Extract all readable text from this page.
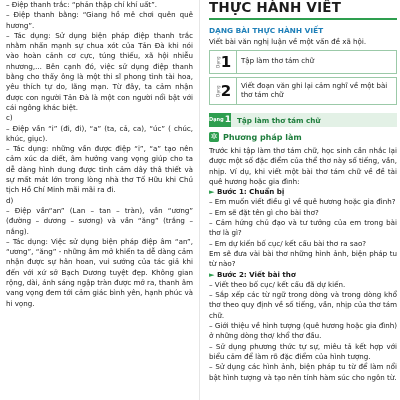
– Điệp thanh trắc: “phản thập chí khí uất”.

– Điệp thanh bằng: “Giang hồ mê chơi quên quê hương”.

– Tác dụng: Sử dụng biện pháp điệp thanh trắc nhằm nhấn mạnh sự chua xót của Tản Đà khi nói vào hoàn cảnh cơ cực, túng thiếu, xã hội nhiễu nhương,... Bên cạnh đó, việc sử dụng điệp thanh bằng cho thấy ông là một thi sĩ phong tình tài hoa, yêu thích tự do, lãng mạn. Từ đây, ta cảm nhận được con người Tản Đà là một con người nổi bật với cái ngông khác biệt.

c)

– Điệp vần “i” (đi, đi), “a” (ta, cả, ca), “úc” ( chúc, khúc, giục).

– Tác dụng: những vần được điệp “i”, “a” tạo nên cảm xúc da diết, âm hưởng vang vọng giúp cho ta dễ dàng hình dung được tình cảm dây thâ thiết và sự mất mát lớn trong lòng nhà thơ Tố Hữu khi Chủ tịch Hồ Chí Minh mãi mãi ra đi.

d)

– Điệp vần“an” (Lan – tan – tràn), vần “ương” (đường – dương – sương) và vần “ăng” (trắng – nắng).

– Tác dụng: Việc sử dụng biện pháp điệp âm “an”, “ương”, “ăng” - những âm mở khiến ta dễ dàng cảm nhận được sự hân hoan, vui sướng của tác giả khi đến với xứ sở Bạch Dương tuyệt đẹp. Không gian rộng, dài, ánh sáng ngập tràn được mở ra, thanh âm vang vọng đem tới cảm giác bình yên, hạnh phúc và hi vọng.

THỰC HÀNH VIẾT
DẠNG BÀI THỰC HÀNH VIẾT
Viết bài văn nghị luận về một vấn đề xã hội.
Dạng 1	Tập làm thơ tám chữ
Dạng 2	Viết đoạn văn ghi lại cảm nghĩ về một bài thơ tám chữ
Dạng 1 Tập làm thơ tám chữ
✲ Phương pháp làm

Trước khi tập làm thơ tám chữ, học sinh cần nhắc lại được một số đặc điểm của thể thơ này số tiếng, vần, nhịp. Ví dụ, khi viết một bài thơ tám chữ về đề tài quê hương hoặc gia đình:

► Bước 1: Chuẩn bị

– Em muốn viết điều gì về quê hương hoặc gia đình?

– Em sẽ đặt tên gì cho bài thơ?

– Cảm hứng chủ đạo và tư tưởng của em trong bài thơ là gì?

– Em dự kiến bố cục/ kết cấu bài thơ ra sao?

Em sẽ đưa vài bài thơ những hình ảnh, biện pháp tu từ nào?

► Bước 2: Viết bài thơ

– Viết theo bố cục/ kết cấu đã dự kiến.

– Sắp xếp các từ ngữ trong dòng và trong dòng khổ thơ theo quy định về số tiếng, vần, nhịp của thơ tám chữ.

– Giới thiệu về hình tượng (quê hương hoặc gia đình) ở những dòng thơ/ khổ thơ đầu.

– Sử dụng phương thức tự sự, miêu tả kết hợp với biểu cảm để làm rõ đặc điểm của hình tượng.

– Sử dụng các hình ảnh, biện pháp tu từ để làm nổi bật hình tượng và tạo nên tính hàm súc cho ngôn từ.
